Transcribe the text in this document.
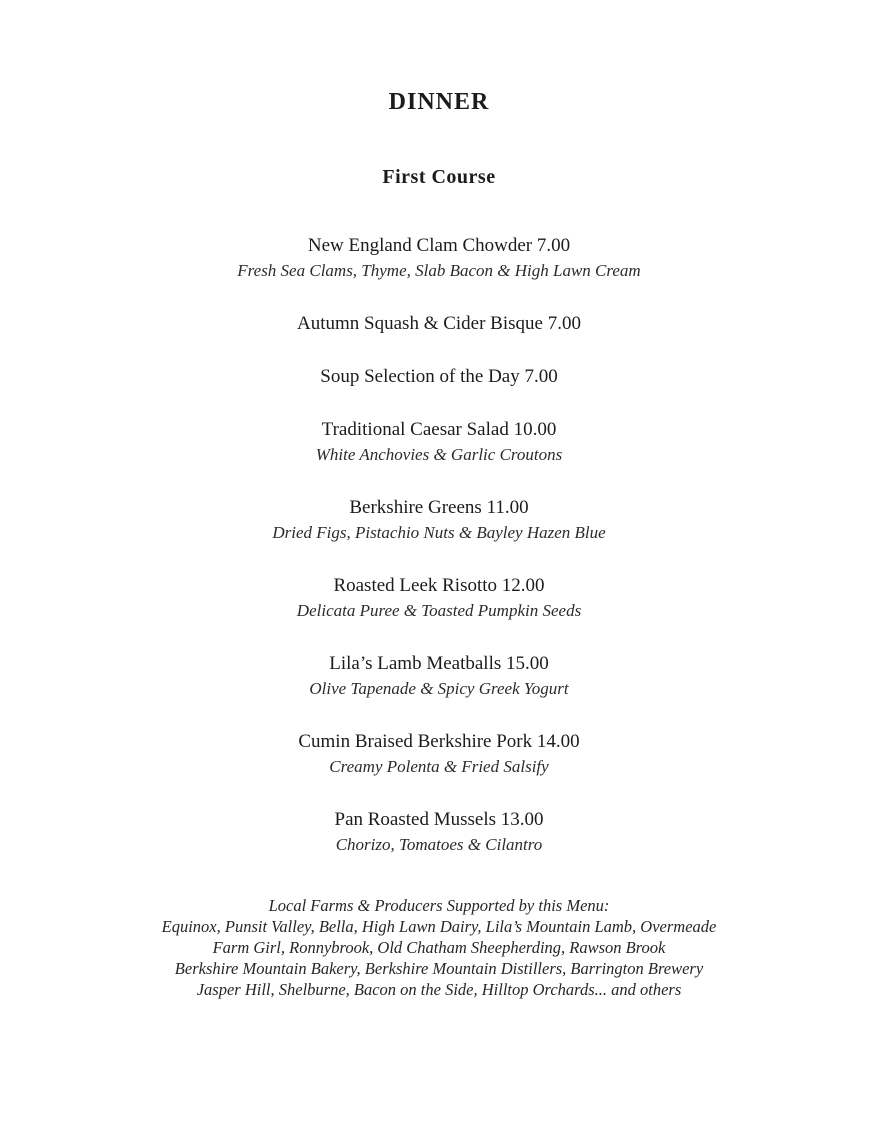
DINNER
First Course
New England Clam Chowder 7.00
Fresh Sea Clams, Thyme, Slab Bacon & High Lawn Cream
Autumn Squash & Cider Bisque 7.00
Soup Selection of the Day 7.00
Traditional Caesar Salad 10.00
White Anchovies & Garlic Croutons
Berkshire Greens 11.00
Dried Figs, Pistachio Nuts & Bayley Hazen Blue
Roasted Leek Risotto 12.00
Delicata Puree & Toasted Pumpkin Seeds
Lila’s Lamb Meatballs 15.00
Olive Tapenade & Spicy Greek Yogurt
Cumin Braised Berkshire Pork 14.00
Creamy Polenta & Fried Salsify
Pan Roasted Mussels 13.00
Chorizo, Tomatoes & Cilantro
Local Farms & Producers Supported by this Menu:
Equinox, Punsit Valley, Bella, High Lawn Dairy, Lila’s Mountain Lamb, Overmeade
Farm Girl, Ronnybrook, Old Chatham Sheepherding, Rawson Brook
Berkshire Mountain Bakery, Berkshire Mountain Distillers, Barrington Brewery
Jasper Hill, Shelburne, Bacon on the Side, Hilltop Orchards... and others
